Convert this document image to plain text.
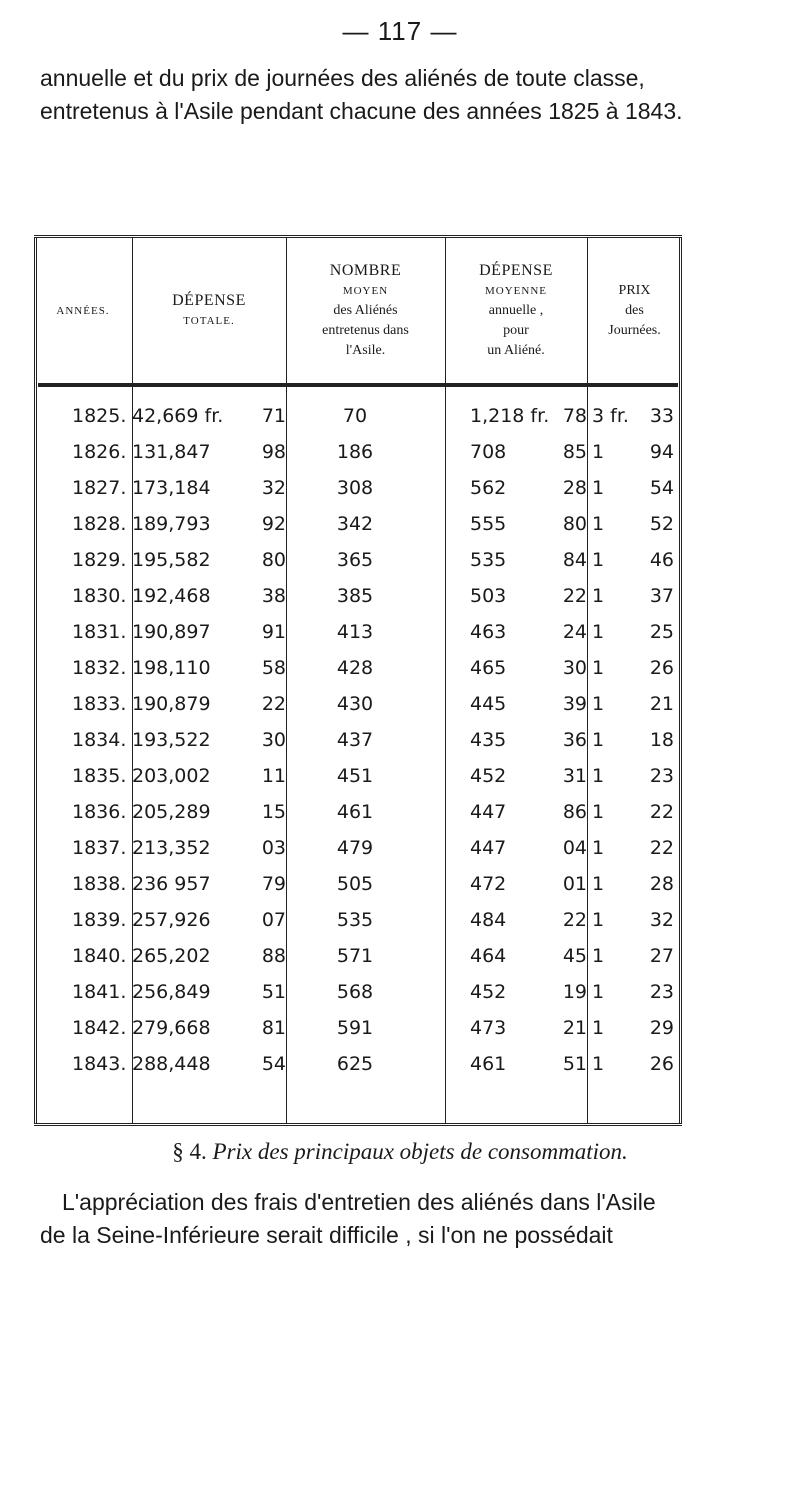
— 117 —
annuelle et du prix de journées des aliénés de toute classe,
entretenus à l'Asile pendant chacune des années 1825 à 1843.
ANNÉES.
DÉPENSE
TOTALE.
NOMBRE
MOYEN
des Aliénés
entretenus dans
l'Asile.
DÉPENSE
MOYENNE
annuelle ,
pour
un Aliéné.
PRIX
des
Journées.
1825. 42,669 fr. 71	70	1,218 fr. 78 3 fr. 33
1826. 131,847	98	186	708	85 1 94
1827. 173,184	32	308	562	28 1 54
1828. 189,793	92	342	555	80 1 52
1829. 195,582	80	365	535	84 1 46
1830. 192,468	38	385	503	22 1 37
1831. 190,897	91	413	463	24 1 25
1832. 198,110	58	428	465	30 1 26
1833. 190,879	22	430	445	39 1 21
1834. 193,522	30	437	435	36 1 18
1835. 203,002	11	451	452	31 1 23
1836. 205,289	15	461	447	86 1 22
1837. 213,352	03	479	447	04 1 22
1838. 236 957	79	505	472	01 1 28
1839. 257,926	07	535	484	22 1 32
1840. 265,202	88	571	464	45 1 27
1841. 256,849	51	568	452	19 1 23
1842. 279,668	81	591	473	21 1 29
1843. 288,448	54	625	461	51 1 26
§ 4. Prix des principaux objets de consommation.
L'appréciation des frais d'entretien des aliénés dans l'Asile
de la Seine-Inférieure serait difficile , si l'on ne possédait
